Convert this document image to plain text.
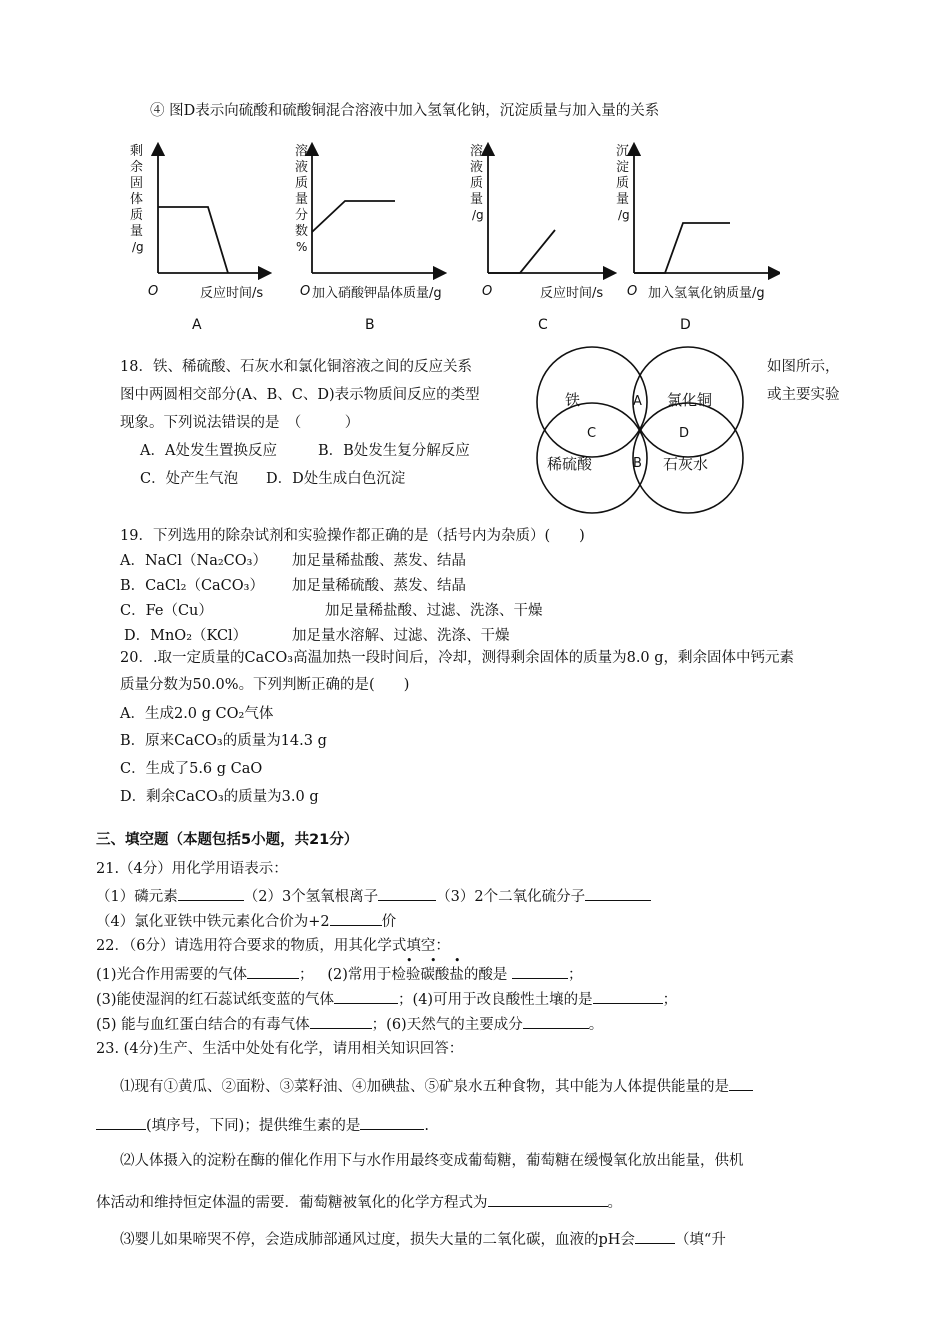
④ 图D表示向硫酸和硫酸铜混合溶液中加入氢氧化钠，沉淀质量与加入量的关系
剩
余
固
体
质
量
/g
O	反应时间/s
A
溶
液
质
量
分
数
%
O 加入硝酸钾晶体质量/g
B
溶
液
质
量
/g
O	反应时间/s
C
沉
淀
质
量
/g
O 加入氢氧化钠质量/g
D
18．铁、稀硫酸、石灰水和氯化铜溶液之间的反应关系	如图所示，
图中两圆相交部分(A、B、C、D)表示物质间反应的类型	或主要实验
现象。下列说法错误的是　（　　　）
A．A处发生置换反应	B．B处发生复分解反应
C．处产生气泡 D．D处生成白色沉淀
铁	氯化铜
稀硫酸	石灰水
A
B
C	D
19．下列选用的除杂试剂和实验操作都正确的是（括号内为杂质）(　　)
A．NaCl（Na₂CO₃） 加足量稀盐酸、蒸发、结晶
B．CaCl₂（CaCO₃） 加足量稀硫酸、蒸发、结晶
C．Fe（Cu）	加足量稀盐酸、过滤、洗涤、干燥
D．MnO₂（KCl）	加足量水溶解、过滤、洗涤、干燥
20．.取一定质量的CaCO₃高温加热一段时间后，冷却，测得剩余固体的质量为8.0 g，剩余固体中钙元素
质量分数为50.0%。下列判断正确的是(　　)
A．生成2.0 g CO₂气体
B．原来CaCO₃的质量为14.3 g
C．生成了5.6 g CaO
D．剩余CaCO₃的质量为3.0 g
三、填空题（本题包括5小题，共21分）
21.（4分）用化学用语表示：
（1）磷元素	（2）3个氢氧根离子	（3）2个二氧化硫分子
（4）氯化亚铁中铁元素化合价为+2	价
22．（6分）请选用符合要求的物质，用其化学式填空：
• • •
(1)光合作用需要的气体	； (2)常用于检验碳酸盐的酸是	；
(3)能使湿润的红石蕊试纸变蓝的气体	；(4)可用于改良酸性土壤的是	；
(5) 能与血红蛋白结合的有毒气体	；(6)天然气的主要成分	。
23. (4分)生产、生活中处处有化学，请用相关知识回答：
⑴现有①黄瓜、②面粉、③菜籽油、④加碘盐、⑤矿泉水五种食物，其中能为人体提供能量的是
(填序号，下同)；提供维生素的是	.
⑵人体摄入的淀粉在酶的催化作用下与水作用最终变成葡萄糖，葡萄糖在缓慢氧化放出能量，供机
体活动和维持恒定体温的需要．葡萄糖被氧化的化学方程式为	。
⑶婴儿如果啼哭不停，会造成肺部通风过度，损失大量的二氧化碳，血液的pH会	（填“升
